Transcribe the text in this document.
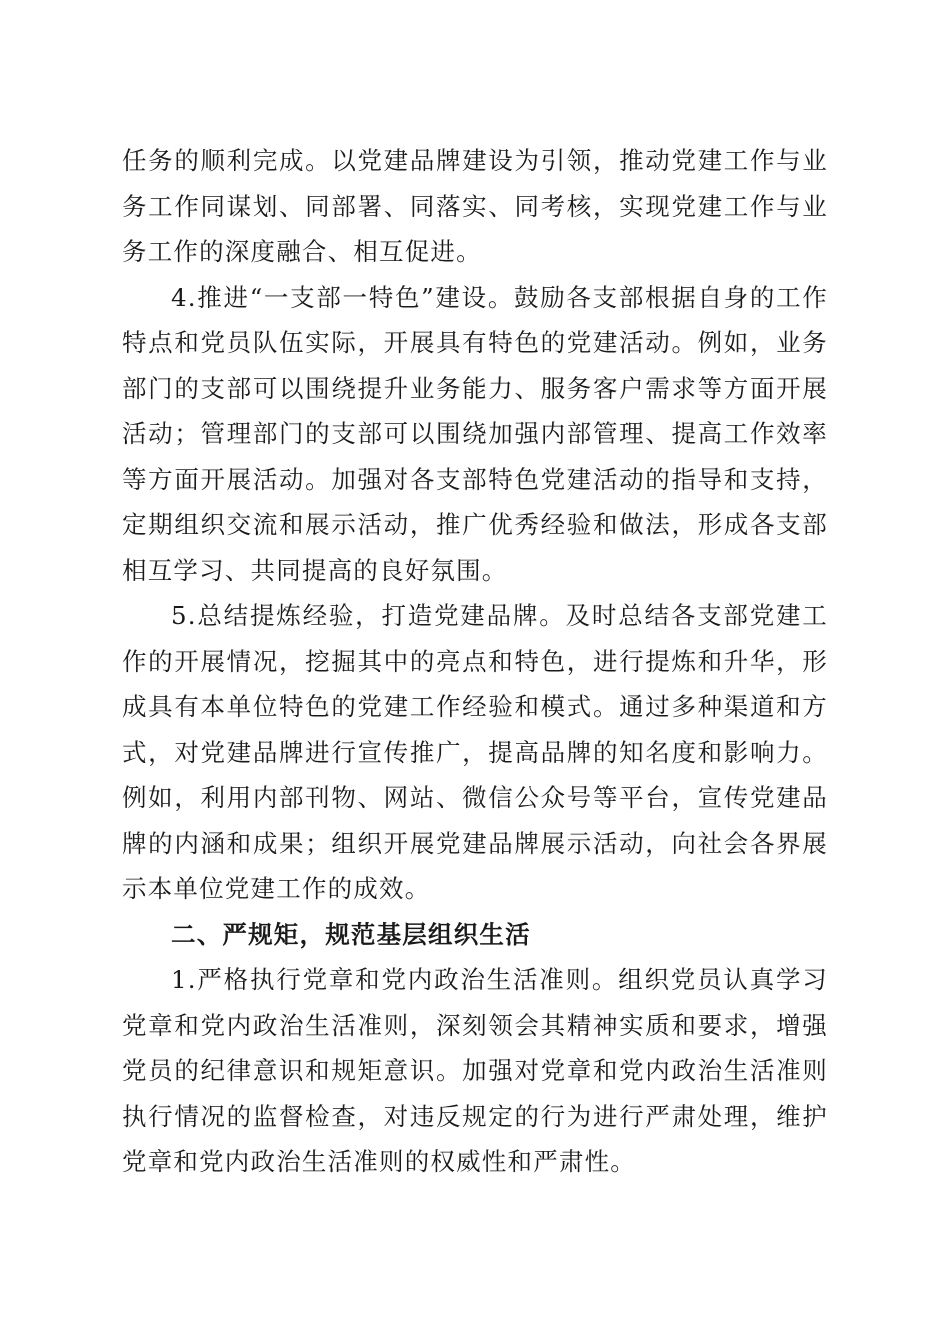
任务的顺利完成。以党建品牌建设为引领，推动党建工作与业务工作同谋划、同部署、同落实、同考核，实现党建工作与业务工作的深度融合、相互促进。

4.推进“一支部一特色”建设。鼓励各支部根据自身的工作特点和党员队伍实际，开展具有特色的党建活动。例如，业务部门的支部可以围绕提升业务能力、服务客户需求等方面开展活动；管理部门的支部可以围绕加强内部管理、提高工作效率等方面开展活动。加强对各支部特色党建活动的指导和支持，定期组织交流和展示活动，推广优秀经验和做法，形成各支部相互学习、共同提高的良好氛围。

5.总结提炼经验，打造党建品牌。及时总结各支部党建工作的开展情况，挖掘其中的亮点和特色，进行提炼和升华，形成具有本单位特色的党建工作经验和模式。通过多种渠道和方式，对党建品牌进行宣传推广，提高品牌的知名度和影响力。例如，利用内部刊物、网站、微信公众号等平台，宣传党建品牌的内涵和成果；组织开展党建品牌展示活动，向社会各界展示本单位党建工作的成效。

二、严规矩，规范基层组织生活

1.严格执行党章和党内政治生活准则。组织党员认真学习党章和党内政治生活准则，深刻领会其精神实质和要求，增强党员的纪律意识和规矩意识。加强对党章和党内政治生活准则执行情况的监督检查，对违反规定的行为进行严肃处理，维护党章和党内政治生活准则的权威性和严肃性。
